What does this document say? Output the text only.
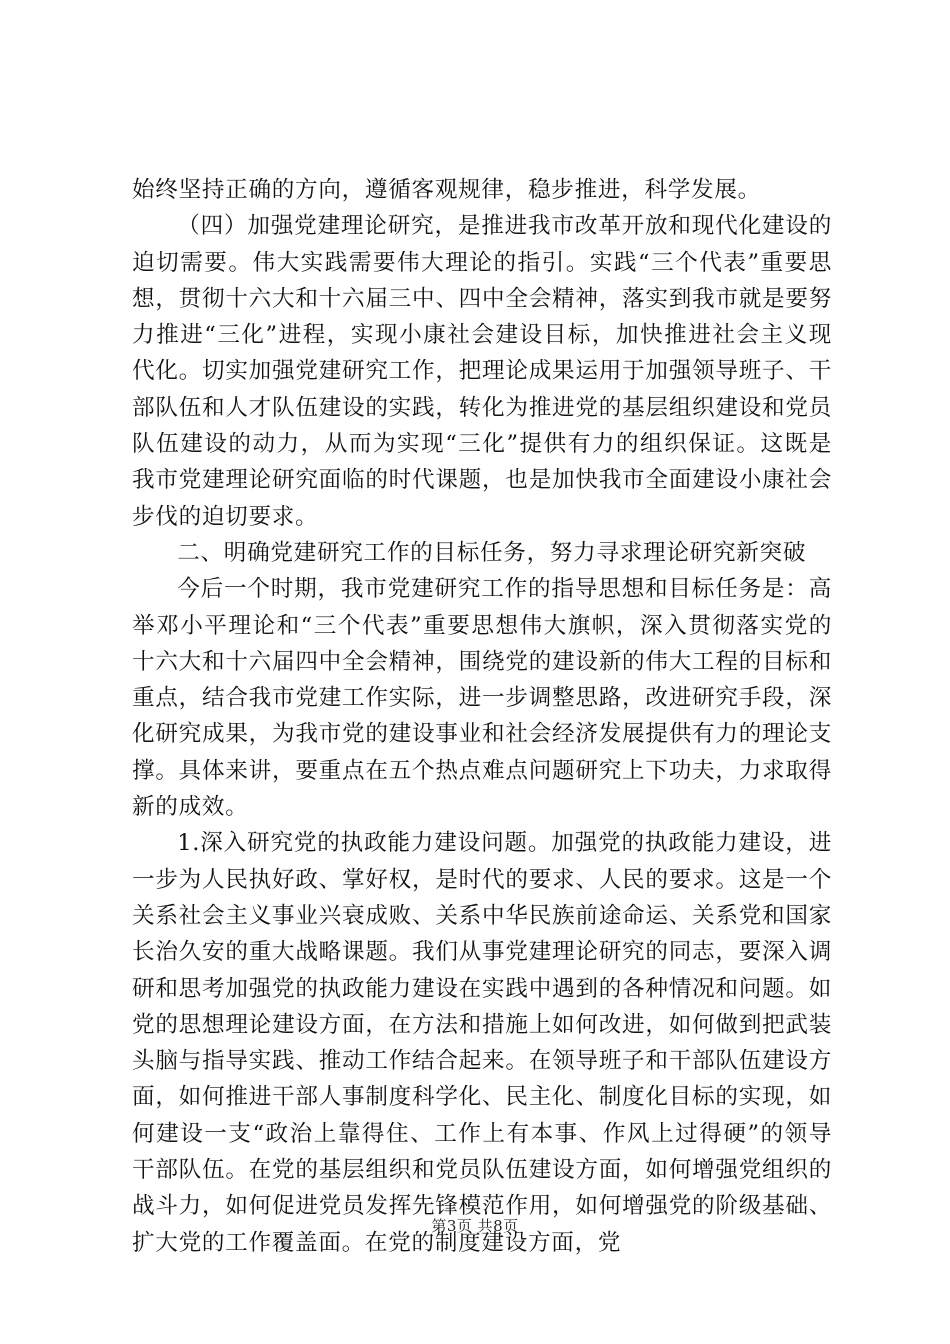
始终坚持正确的方向，遵循客观规律，稳步推进，科学发展。

（四）加强党建理论研究，是推进我市改革开放和现代化建设的迫切需要。伟大实践需要伟大理论的指引。实践“三个代表”重要思想，贯彻十六大和十六届三中、四中全会精神，落实到我市就是要努力推进“三化”进程，实现小康社会建设目标，加快推进社会主义现代化。切实加强党建研究工作，把理论成果运用于加强领导班子、干部队伍和人才队伍建设的实践，转化为推进党的基层组织建设和党员队伍建设的动力，从而为实现“三化”提供有力的组织保证。这既是我市党建理论研究面临的时代课题，也是加快我市全面建设小康社会步伐的迫切要求。

二、明确党建研究工作的目标任务，努力寻求理论研究新突破

今后一个时期，我市党建研究工作的指导思想和目标任务是：高举邓小平理论和“三个代表”重要思想伟大旗帜，深入贯彻落实党的十六大和十六届四中全会精神，围绕党的建设新的伟大工程的目标和重点，结合我市党建工作实际，进一步调整思路，改进研究手段，深化研究成果，为我市党的建设事业和社会经济发展提供有力的理论支撑。具体来讲，要重点在五个热点难点问题研究上下功夫，力求取得新的成效。

1.深入研究党的执政能力建设问题。加强党的执政能力建设，进一步为人民执好政、掌好权，是时代的要求、人民的要求。这是一个关系社会主义事业兴衰成败、关系中华民族前途命运、关系党和国家长治久安的重大战略课题。我们从事党建理论研究的同志，要深入调研和思考加强党的执政能力建设在实践中遇到的各种情况和问题。如党的思想理论建设方面，在方法和措施上如何改进，如何做到把武装头脑与指导实践、推动工作结合起来。在领导班子和干部队伍建设方面，如何推进干部人事制度科学化、民主化、制度化目标的实现，如何建设一支“政治上靠得住、工作上有本事、作风上过得硬”的领导干部队伍。在党的基层组织和党员队伍建设方面，如何增强党组织的战斗力，如何促进党员发挥先锋模范作用，如何增强党的阶级基础、扩大党的工作覆盖面。在党的制度建设方面，党

第3页 共8页
